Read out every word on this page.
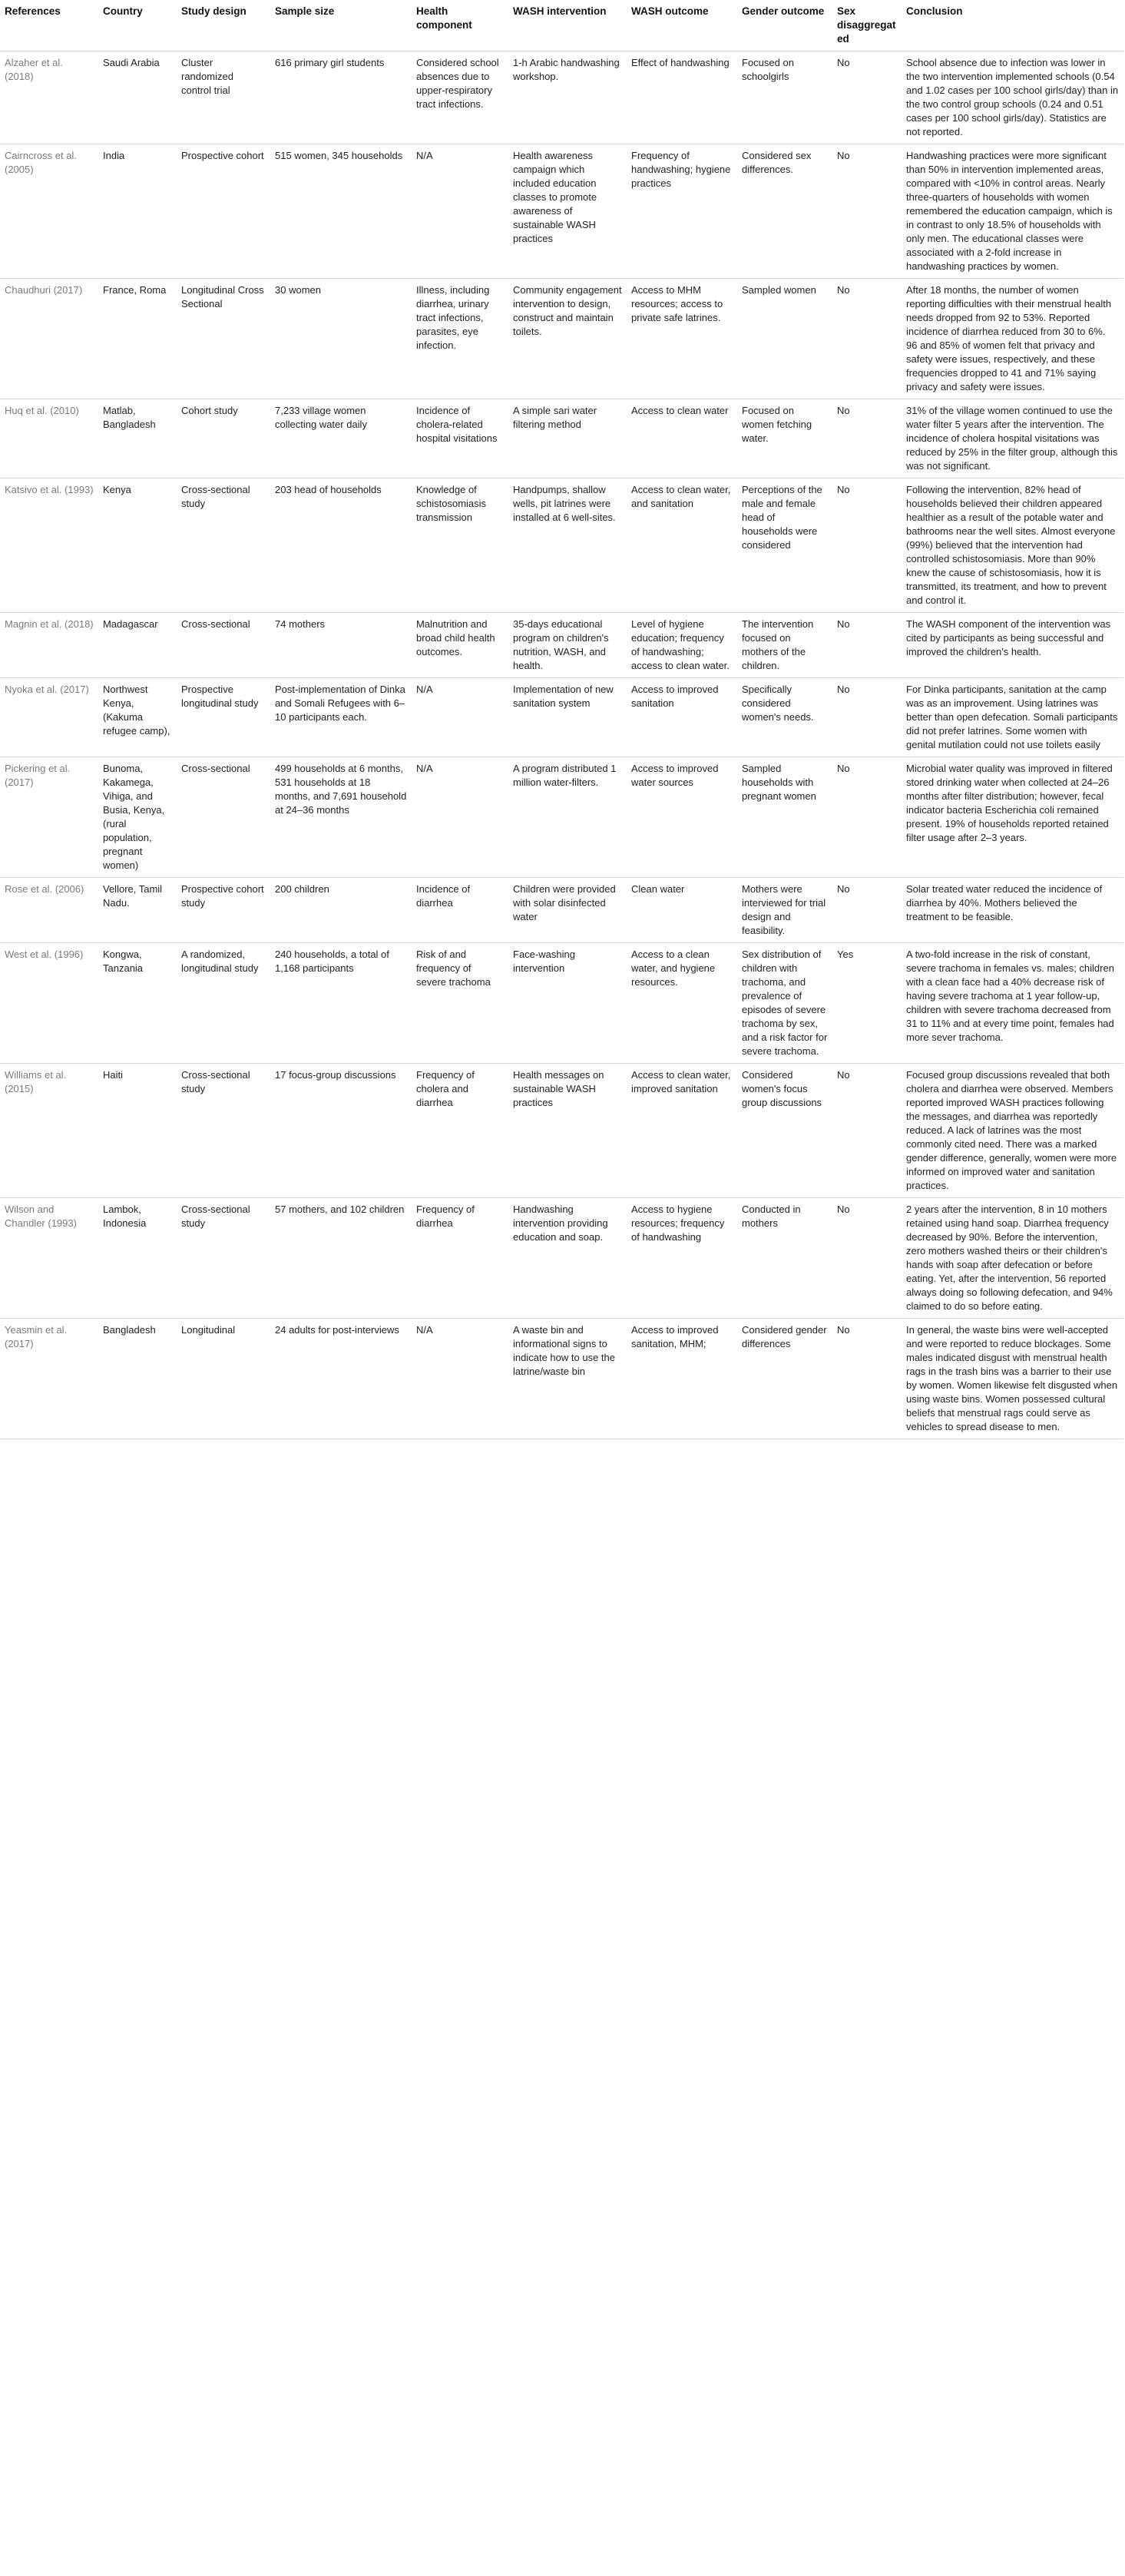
References	Country	Study design	Sample size	Health component	WASH intervention	WASH outcome	Gender outcome	Sex disaggregated	Conclusion
Alzaher et al. (2018)	Saudi Arabia	Cluster randomized control trial	616 primary girl students	Considered school absences due to upper-respiratory tract infections.	1-h Arabic handwashing workshop.	Effect of handwashing	Focused on schoolgirls	No	School absence due to infection was lower in the two intervention implemented schools (0.54 and 1.02 cases per 100 school girls/day) than in the two control group schools (0.24 and 0.51 cases per 100 school girls/day). Statistics are not reported.
Cairncross et al. (2005)	India	Prospective cohort	515 women, 345 households	N/A	Health awareness campaign which included education classes to promote awareness of sustainable WASH practices	Frequency of handwashing; hygiene practices	Considered sex differences.	No	Handwashing practices were more significant than 50% in intervention implemented areas, compared with <10% in control areas. Nearly three-quarters of households with women remembered the education campaign, which is in contrast to only 18.5% of households with only men. The educational classes were associated with a 2-fold increase in handwashing practices by women.
Chaudhuri (2017)	France, Roma	Longitudinal Cross Sectional	30 women	Illness, including diarrhea, urinary tract infections, parasites, eye infection.	Community engagement intervention to design, construct and maintain toilets.	Access to MHM resources; access to private safe latrines.	Sampled women	No	After 18 months, the number of women reporting difficulties with their menstrual health needs dropped from 92 to 53%. Reported incidence of diarrhea reduced from 30 to 6%. 96 and 85% of women felt that privacy and safety were issues, respectively, and these frequencies dropped to 41 and 71% saying privacy and safety were issues.
Huq et al. (2010)	Matlab, Bangladesh	Cohort study	7,233 village women collecting water daily	Incidence of cholera-related hospital visitations	A simple sari water filtering method	Access to clean water	Focused on women fetching water.	No	31% of the village women continued to use the water filter 5 years after the intervention. The incidence of cholera hospital visitations was reduced by 25% in the filter group, although this was not significant.
Katsivo et al. (1993)	Kenya	Cross-sectional study	203 head of households	Knowledge of schistosomiasis transmission	Handpumps, shallow wells, pit latrines were installed at 6 well-sites.	Access to clean water, and sanitation	Perceptions of the male and female head of households were considered	No	Following the intervention, 82% head of households believed their children appeared healthier as a result of the potable water and bathrooms near the well sites. Almost everyone (99%) believed that the intervention had controlled schistosomiasis. More than 90% knew the cause of schistosomiasis, how it is transmitted, its treatment, and how to prevent and control it.
Magnin et al. (2018)	Madagascar	Cross-sectional	74 mothers	Malnutrition and broad child health outcomes.	35-days educational program on children's nutrition, WASH, and health.	Level of hygiene education; frequency of handwashing; access to clean water.	The intervention focused on mothers of the children.	No	The WASH component of the intervention was cited by participants as being successful and improved the children's health.
Nyoka et al. (2017)	Northwest Kenya, (Kakuma refugee camp),	Prospective longitudinal study	Post-implementation of Dinka and Somali Refugees with 6–10 participants each.	N/A	Implementation of new sanitation system	Access to improved sanitation	Specifically considered women's needs.	No	For Dinka participants, sanitation at the camp was as an improvement. Using latrines was better than open defecation. Somali participants did not prefer latrines. Some women with genital mutilation could not use toilets easily
Pickering et al. (2017)	Bunoma, Kakamega, Vihiga, and Busia, Kenya, (rural population, pregnant women)	Cross-sectional	499 households at 6 months, 531 households at 18 months, and 7,691 household at 24–36 months	N/A	A program distributed 1 million water-filters.	Access to improved water sources	Sampled households with pregnant women	No	Microbial water quality was improved in filtered stored drinking water when collected at 24–26 months after filter distribution; however, fecal indicator bacteria Escherichia coli remained present. 19% of households reported retained filter usage after 2–3 years.
Rose et al. (2006)	Vellore, Tamil Nadu.	Prospective cohort study	200 children	Incidence of diarrhea	Children were provided with solar disinfected water	Clean water	Mothers were interviewed for trial design and feasibility.	No	Solar treated water reduced the incidence of diarrhea by 40%. Mothers believed the treatment to be feasible.
West et al. (1996)	Kongwa, Tanzania	A randomized, longitudinal study	240 households, a total of 1,168 participants	Risk of and frequency of severe trachoma	Face-washing intervention	Access to a clean water, and hygiene resources.	Sex distribution of children with trachoma, and prevalence of episodes of severe trachoma by sex, and a risk factor for severe trachoma.	Yes	A two-fold increase in the risk of constant, severe trachoma in females vs. males; children with a clean face had a 40% decrease risk of having severe trachoma at 1 year follow-up, children with severe trachoma decreased from 31 to 11% and at every time point, females had more sever trachoma.
Williams et al. (2015)	Haiti	Cross-sectional study	17 focus-group discussions	Frequency of cholera and diarrhea	Health messages on sustainable WASH practices	Access to clean water, improved sanitation	Considered women's focus group discussions	No	Focused group discussions revealed that both cholera and diarrhea were observed. Members reported improved WASH practices following the messages, and diarrhea was reportedly reduced. A lack of latrines was the most commonly cited need. There was a marked gender difference, generally, women were more informed on improved water and sanitation practices.
Wilson and Chandler (1993)	Lambok, Indonesia	Cross-sectional study	57 mothers, and 102 children	Frequency of diarrhea	Handwashing intervention providing education and soap.	Access to hygiene resources; frequency of handwashing	Conducted in mothers	No	2 years after the intervention, 8 in 10 mothers retained using hand soap. Diarrhea frequency decreased by 90%. Before the intervention, zero mothers washed theirs or their children's hands with soap after defecation or before eating. Yet, after the intervention, 56 reported always doing so following defecation, and 94% claimed to do so before eating.
Yeasmin et al. (2017)	Bangladesh	Longitudinal	24 adults for post-interviews	N/A	A waste bin and informational signs to indicate how to use the latrine/waste bin	Access to improved sanitation, MHM;	Considered gender differences	No	In general, the waste bins were well-accepted and were reported to reduce blockages. Some males indicated disgust with menstrual health rags in the trash bins was a barrier to their use by women. Women likewise felt disgusted when using waste bins. Women possessed cultural beliefs that menstrual rags could serve as vehicles to spread disease to men.
